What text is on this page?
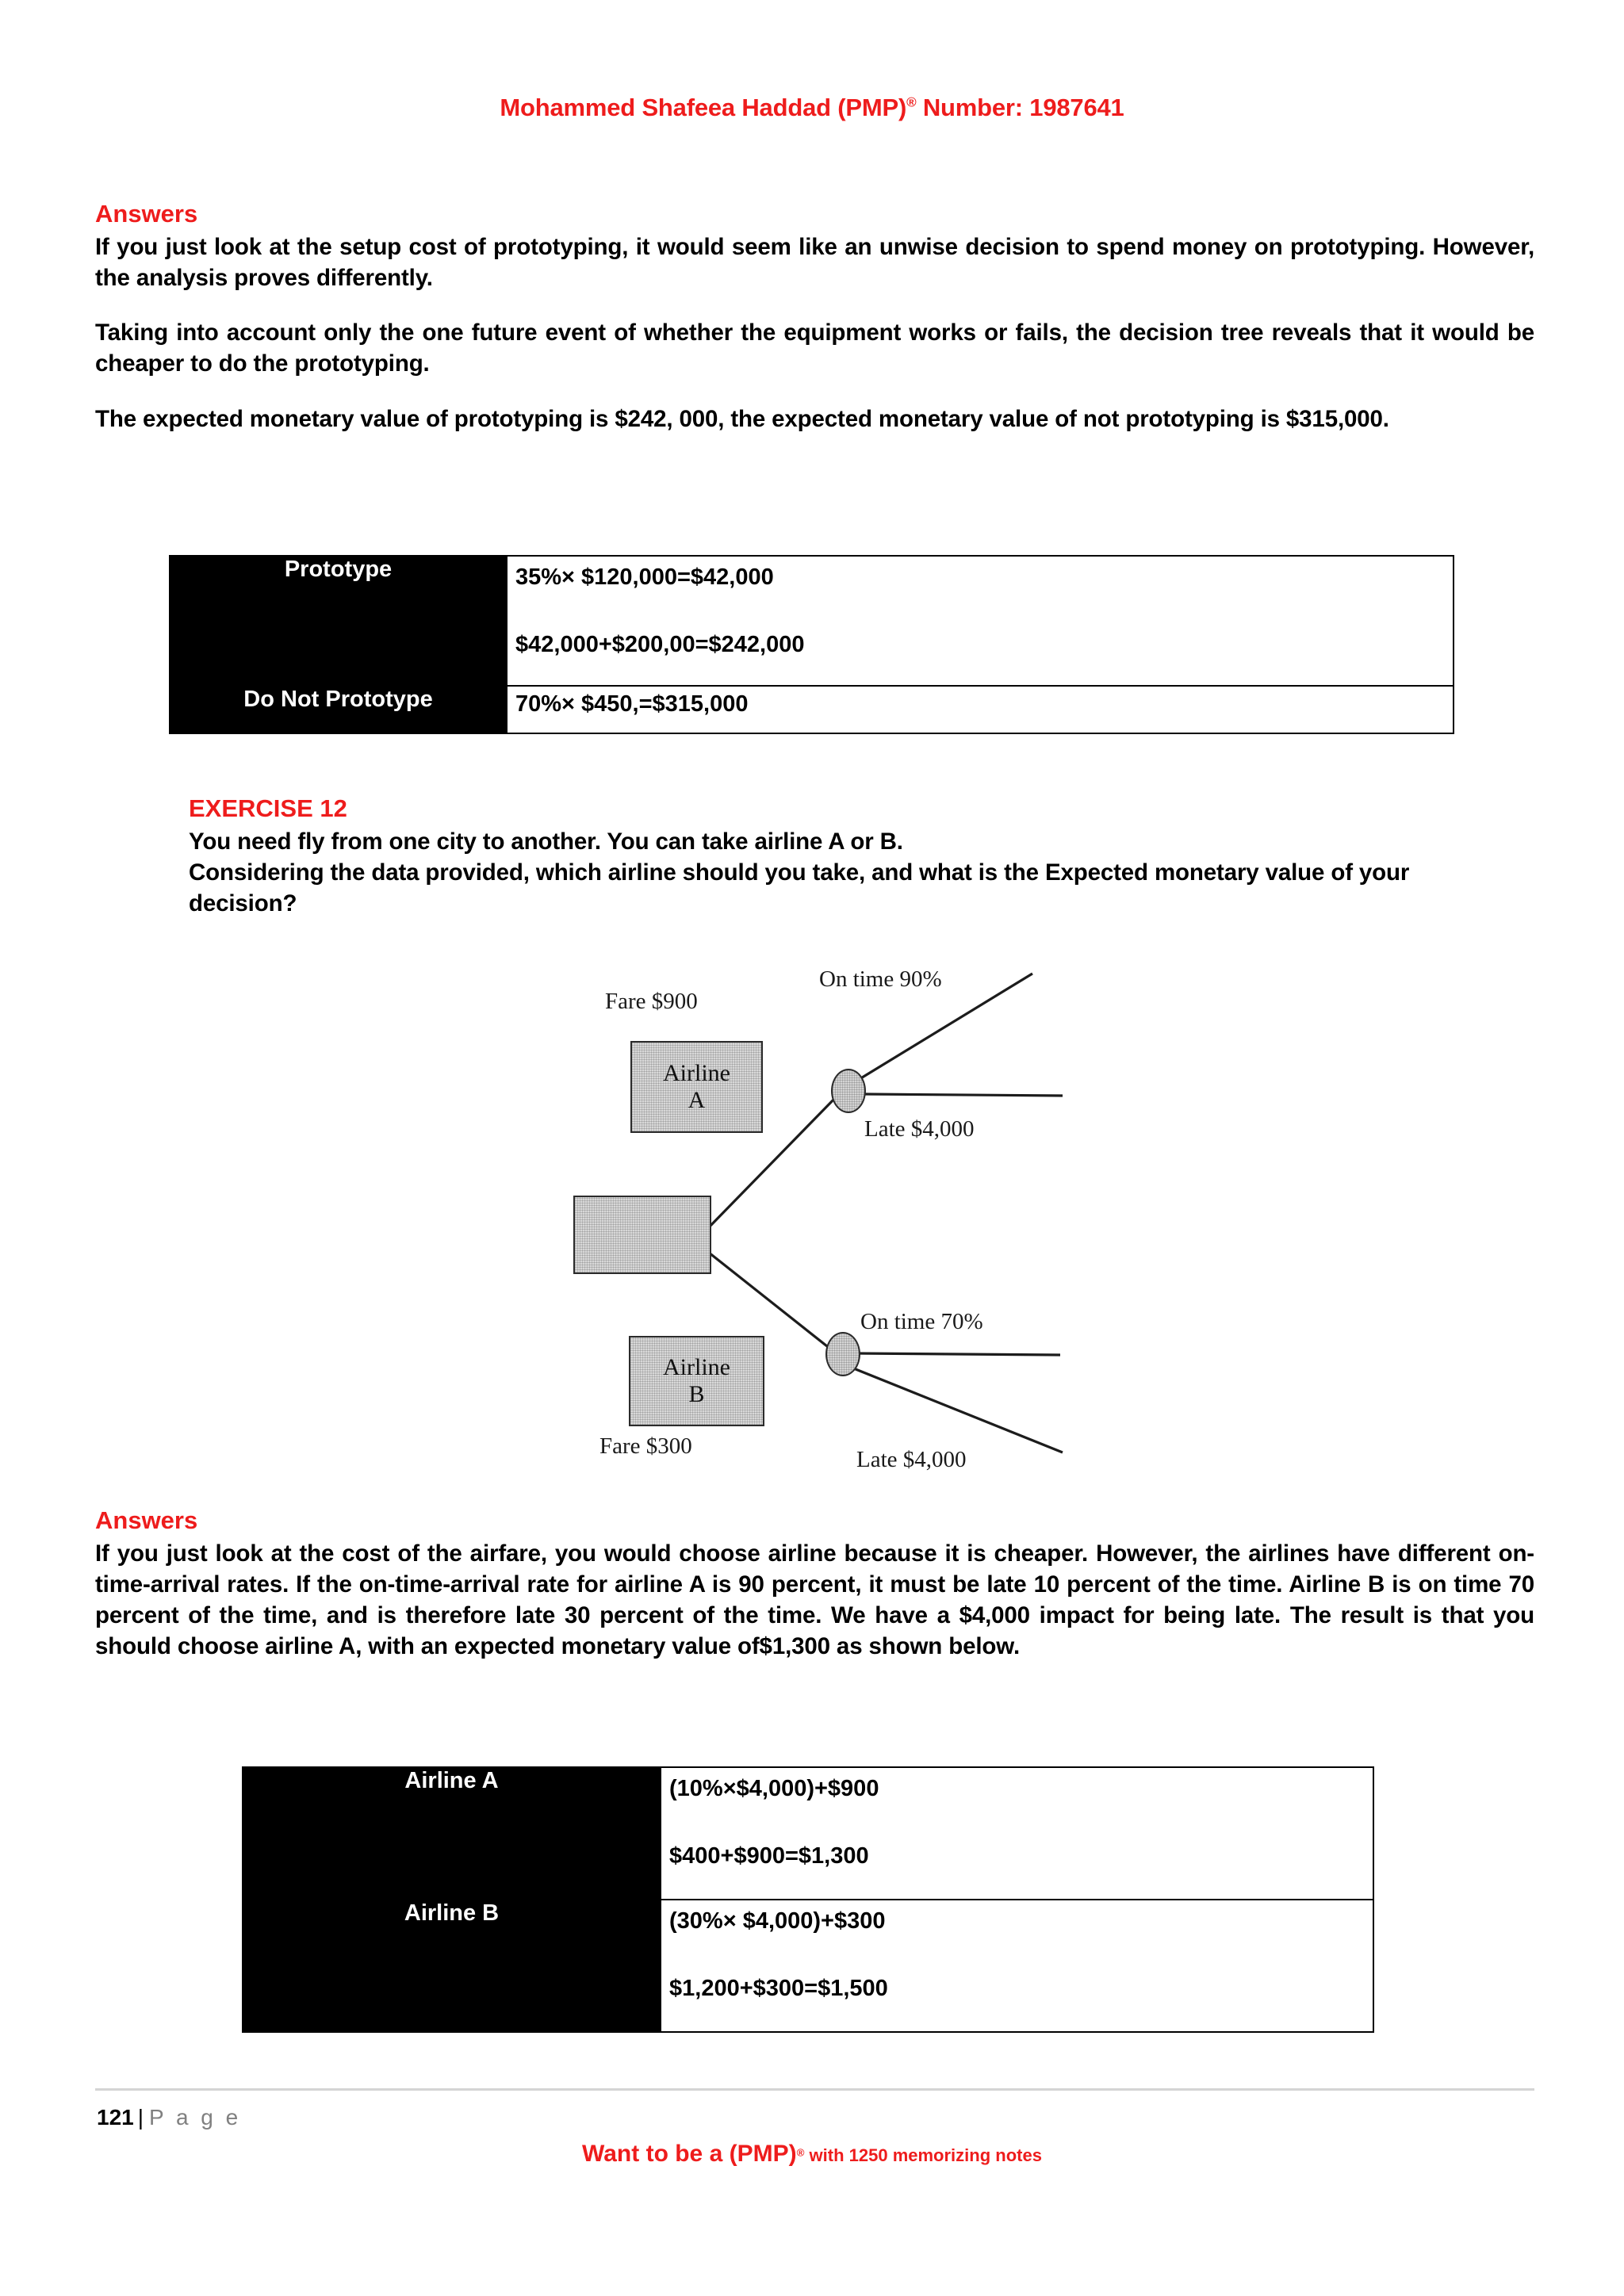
Mohammed Shafeea Haddad (PMP)® Number: 1987641

Answers

If you just look at the setup cost of prototyping, it would seem like an unwise decision to spend money on prototyping. However, the analysis proves differently.

Taking into account only the one future event of whether the equipment works or fails, the decision tree reveals that it would be cheaper to do the prototyping.

The expected monetary value of prototyping is $242, 000, the expected monetary value of not prototyping is $315,000.

Prototype	35%× $120,000=$42,000
$42,000+$200,00=$242,000
Do Not Prototype	70%× $450,=$315,000

EXERCISE 12

You need fly from one city to another. You can take airline A or B.

Considering the data provided, which airline should you take, and what is the Expected monetary value of your decision?

Airline
A
Airline
B
Fare $900
Fare $300
On time 90%
Late $4,000
On time 70%
Late $4,000

Answers

If you just look at the cost of the airfare, you would choose airline because it is cheaper. However, the airlines have different on-time-arrival rates. If the on-time-arrival rate for airline A is 90 percent, it must be late 10 percent of the time. Airline B is on time 70 percent of the time, and is therefore late 30 percent of the time. We have a $4,000 impact for being late. The result is that you should choose airline A, with an expected monetary value of$1,300 as shown below.

Airline A	(10%×$4,000)+$900
$400+$900=$1,300
Airline B	(30%× $4,000)+$300
$1,200+$300=$1,500
121 | P a g e
Want to be a (PMP)® with 1250 memorizing notes
